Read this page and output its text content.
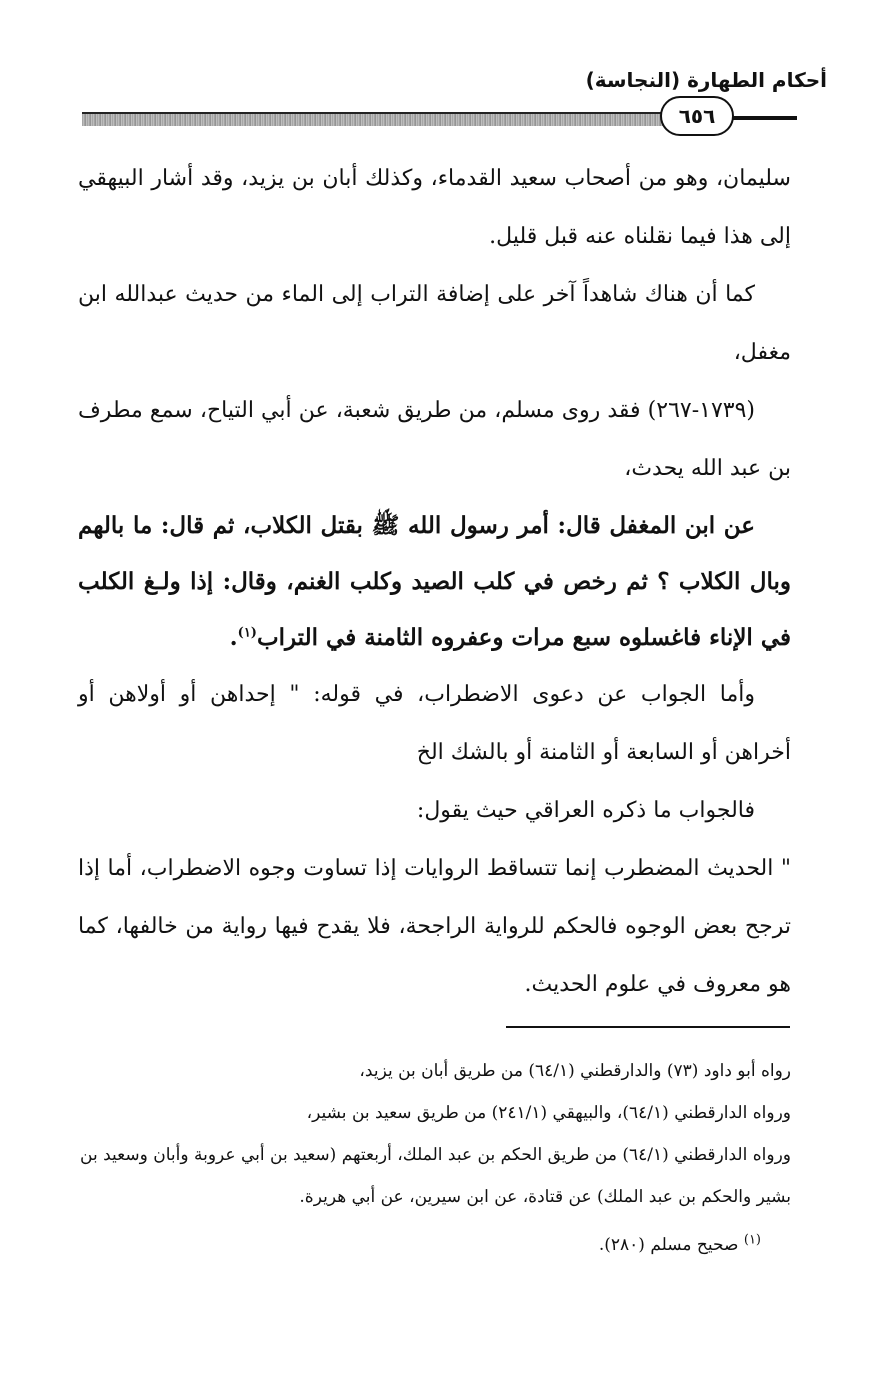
أحكام الطهارة (النجاسة)
٦٥٦

سليمان، وهو من أصحاب سعيد القدماء، وكذلك أبان بن يزيد، وقد أشار البيهقي إلى هذا فيما نقلناه عنه قبل قليل.

كما أن هناك شاهداً آخر على إضافة التراب إلى الماء من حديث عبدالله ابن مغفل،

(١٧٣٩-٢٦٧) فقد روى مسلم، من طريق شعبة، عن أبي التياح، سمع مطرف بن عبد الله يحدث،

عن ابن المغفل قال: أمر رسول الله ﷺ بقتل الكلاب، ثم قال: ما بالهم وبال الكلاب ؟ ثم رخص في كلب الصيد وكلب الغنم، وقال: إذا ولـغ الكلب في الإناء فاغسلوه سبع مرات وعفروه الثامنة في التراب$^{(١)}$.

وأما الجواب عن دعوى الاضطراب، في قوله: " إحداهن أو أولاهن أو أخراهن أو السابعة أو الثامنة أو بالشك الخ

فالجواب ما ذكره العراقي حيث يقول:

" الحديث المضطرب إنما تتساقط الروايات إذا تساوت وجوه الاضطراب، أما إذا ترجح بعض الوجوه فالحكم للرواية الراجحة، فلا يقدح فيها رواية من خالفها، كما هو معروف في علوم الحديث.

رواه أبو داود (٧٣) والدارقطني (٦٤/١) من طريق أبان بن يزيد،

ورواه الدارقطني (٦٤/١)، والبيهقي (٢٤١/١) من طريق سعيد بن بشير،

ورواه الدارقطني (٦٤/١) من طريق الحكم بن عبد الملك، أربعتهم (سعيد بن أبي عروبة وأبان وسعيد بن بشير والحكم بن عبد الملك) عن قتادة، عن ابن سيرين، عن أبي هريرة.

$^{(١)}$ صحيح مسلم (٢٨٠).
